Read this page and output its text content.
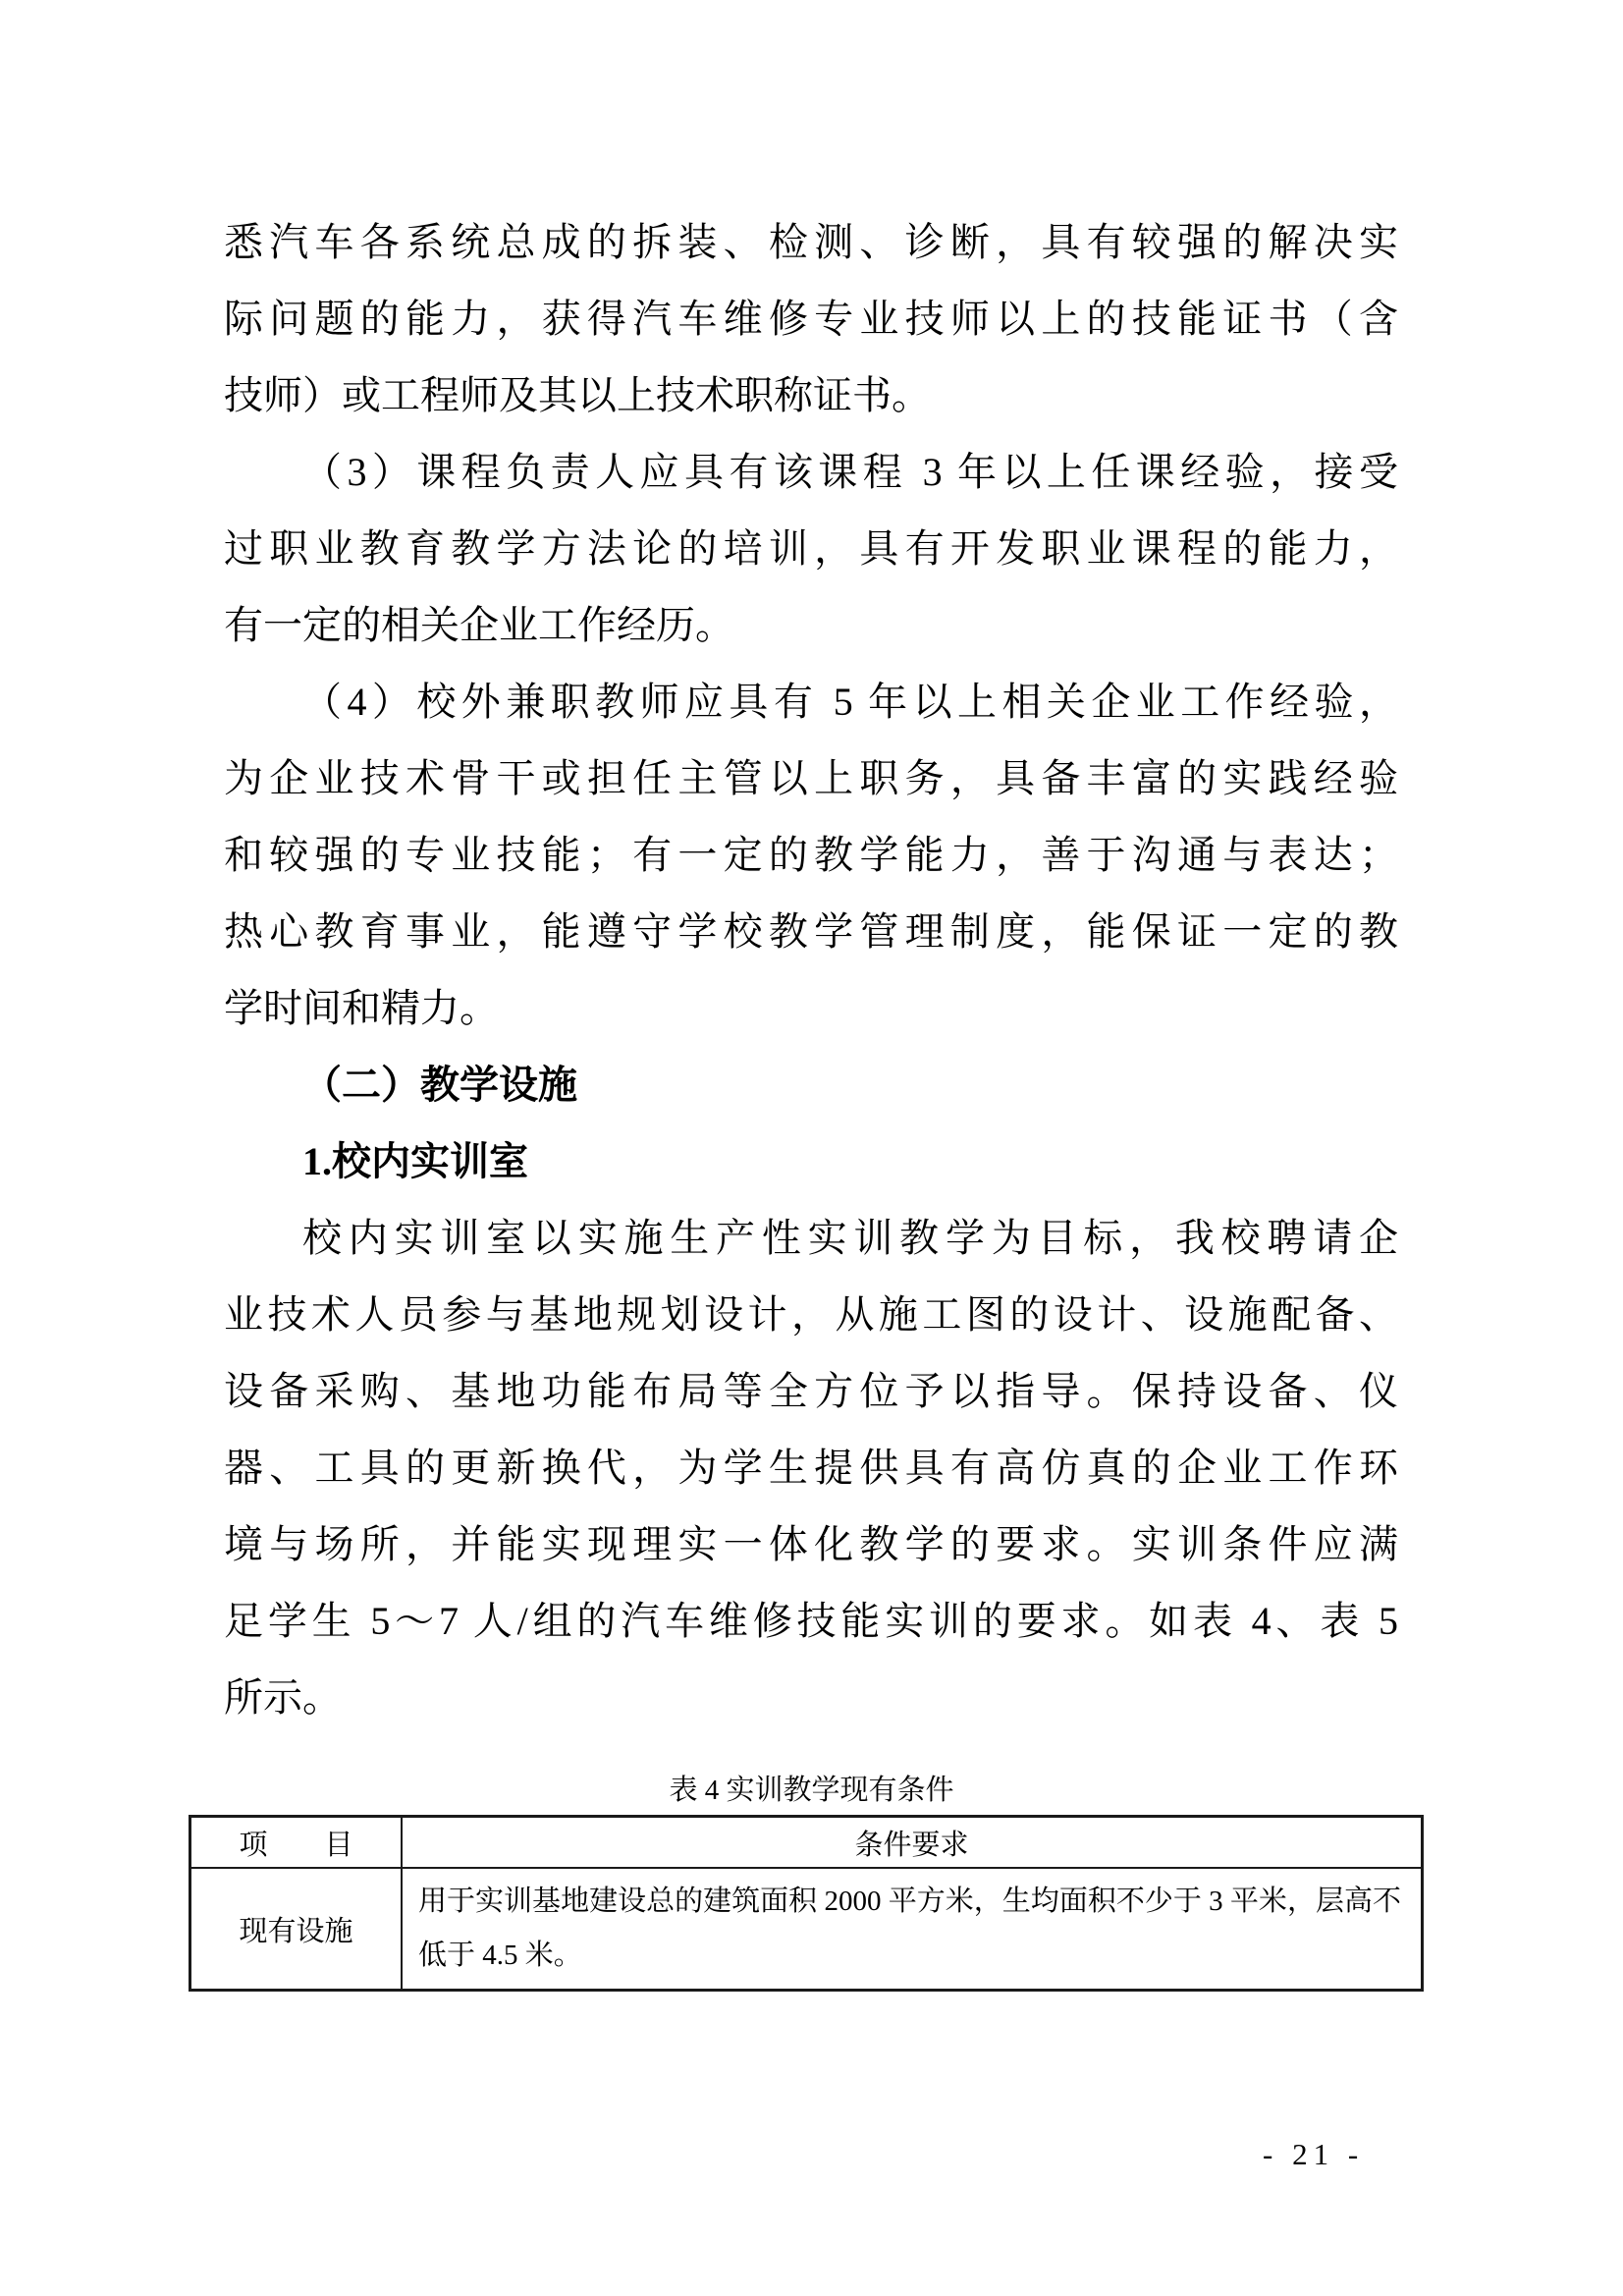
悉汽车各系统总成的拆装、检测、诊断，具有较强的解决实
际问题的能力，获得汽车维修专业技师以上的技能证书（含
技师）或工程师及其以上技术职称证书。
（3）课程负责人应具有该课程 3 年以上任课经验，接受
过职业教育教学方法论的培训，具有开发职业课程的能力，
有一定的相关企业工作经历。
（4）校外兼职教师应具有 5 年以上相关企业工作经验，
为企业技术骨干或担任主管以上职务，具备丰富的实践经验
和较强的专业技能；有一定的教学能力，善于沟通与表达；
热心教育事业，能遵守学校教学管理制度，能保证一定的教
学时间和精力。
（二）教学设施
1.校内实训室
校内实训室以实施生产性实训教学为目标，我校聘请企
业技术人员参与基地规划设计，从施工图的设计、设施配备、
设备采购、基地功能布局等全方位予以指导。保持设备、仪
器、工具的更新换代，为学生提供具有高仿真的企业工作环
境与场所，并能实现理实一体化教学的要求。实训条件应满
足学生 5～7 人/组的汽车维修技能实训的要求。如表 4、表 5
所示。
表 4 实训教学现有条件
项　　目	条件要求
现有设施	用于实训基地建设总的建筑面积 2000 平方米，生均面积不少于 3 平米，层高不低于 4.5 米。
- 21 -
